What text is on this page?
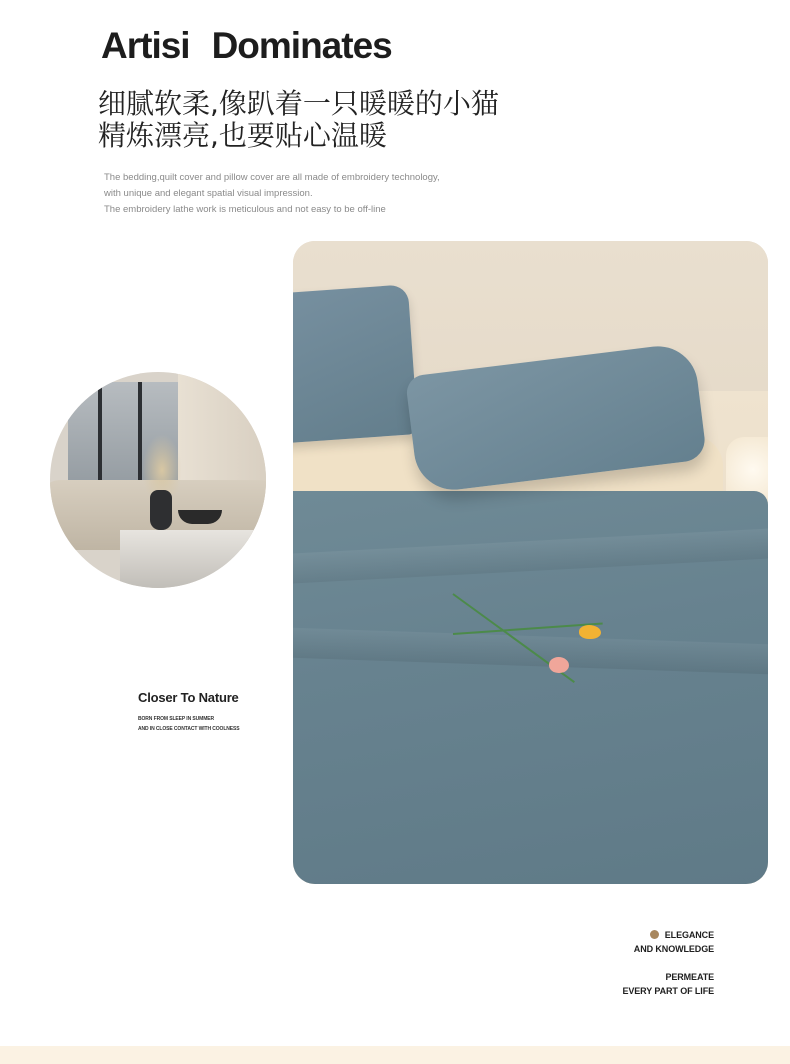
Artisi Dominates
细腻软柔,像趴着一只暖暖的小猫
精炼漂亮,也要贴心温暖
The bedding,quilt cover and pillow cover are all made of embroidery technology,
with unique and elegant spatial visual impression.
The embroidery lathe work is meticulous and not easy to be off-line
Closer To Nature
BORN FROM SLEEP IN SUMMER
AND IN CLOSE CONTACT WITH COOLNESS
ELEGANCE
AND KNOWLEDGE
PERMEATE
EVERY PART OF LIFE
